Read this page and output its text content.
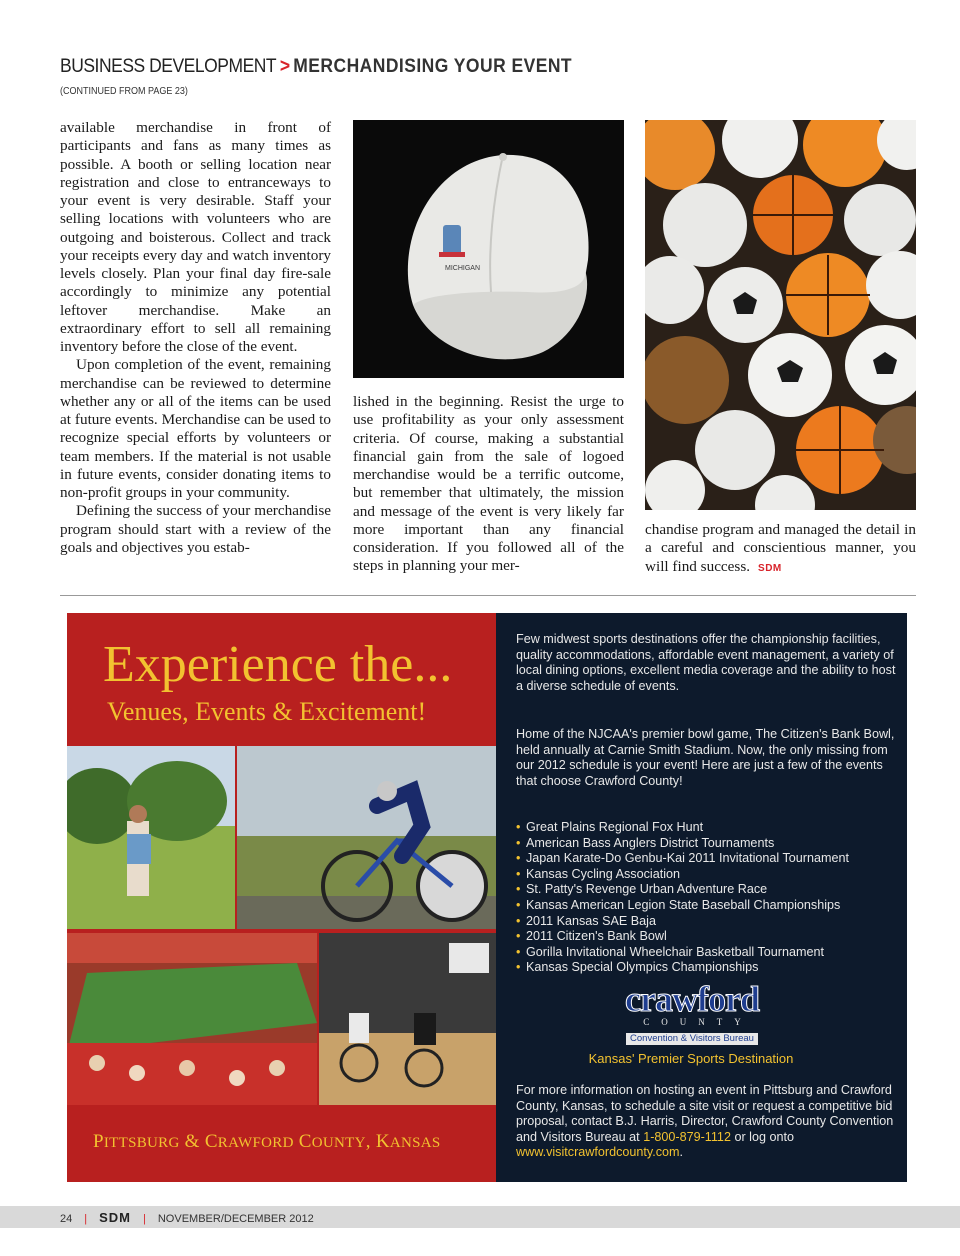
BUSINESS DEVELOPMENT > MERCHANDISING YOUR EVENT
(CONTINUED FROM PAGE 23)

available merchandise in front of participants and fans as many times as possible. A booth or selling location near registration and close to entranceways to your event is very desirable. Staff your selling locations with volunteers who are outgoing and boisterous. Collect and track your receipts every day and watch inventory levels closely. Plan your final day fire-sale accordingly to minimize any potential leftover merchandise. Make an extraordinary effort to sell all remaining inventory before the close of the event.

Upon completion of the event, remaining merchandise can be reviewed to determine whether any or all of the items can be used at future events. Merchandise can be used to recognize special efforts by volunteers or team members. If the material is not usable in future events, consider donating items to non-profit groups in your community.

Defining the success of your merchandise program should start with a review of the goals and objectives you estab-

MICHIGAN

lished in the beginning. Resist the urge to use profitability as your only assessment criteria. Of course, making a substantial financial gain from the sale of logoed merchandise would be a terrific outcome, but remember that ultimately, the mission and message of the event is very likely far more important than any financial consideration. If you followed all of the steps in planning your mer-

chandise program and managed the detail in a careful and conscientious manner, you will find success. SDM

Experience the...
Venues, Events & Excitement!
PITTSBURG & CRAWFORD COUNTY, KANSAS

Few midwest sports destinations offer the championship facilities, quality accommodations, affordable event management, a variety of local dining options, excellent media coverage and the ability to host a diverse schedule of events.

Home of the NJCAA's premier bowl game, The Citizen's Bank Bowl, held annually at Carnie Smith Stadium. Now, the only missing from our 2012 schedule is your event! Here are just a few of the events that choose Crawford County!

• Great Plains Regional Fox Hunt
• American Bass Anglers District Tournaments
• Japan Karate-Do Genbu-Kai 2011 Invitational Tournament
• Kansas Cycling Association
• St. Patty's Revenge Urban Adventure Race
• Kansas American Legion State Baseball Championships
• 2011 Kansas SAE Baja
• 2011 Citizen's Bank Bowl
• Gorilla Invitational Wheelchair Basketball Tournament
• Kansas Special Olympics Championships
crawford
COUNTY
Convention & Visitors Bureau
Kansas' Premier Sports Destination

For more information on hosting an event in Pittsburg and Crawford County, Kansas, to schedule a site visit or request a competitive bid proposal, contact B.J. Harris, Director, Crawford County Convention and Visitors Bureau at 1-800-879-1112 or log onto www.visitcrawfordcounty.com.

24 | SDM | NOVEMBER/DECEMBER 2012
